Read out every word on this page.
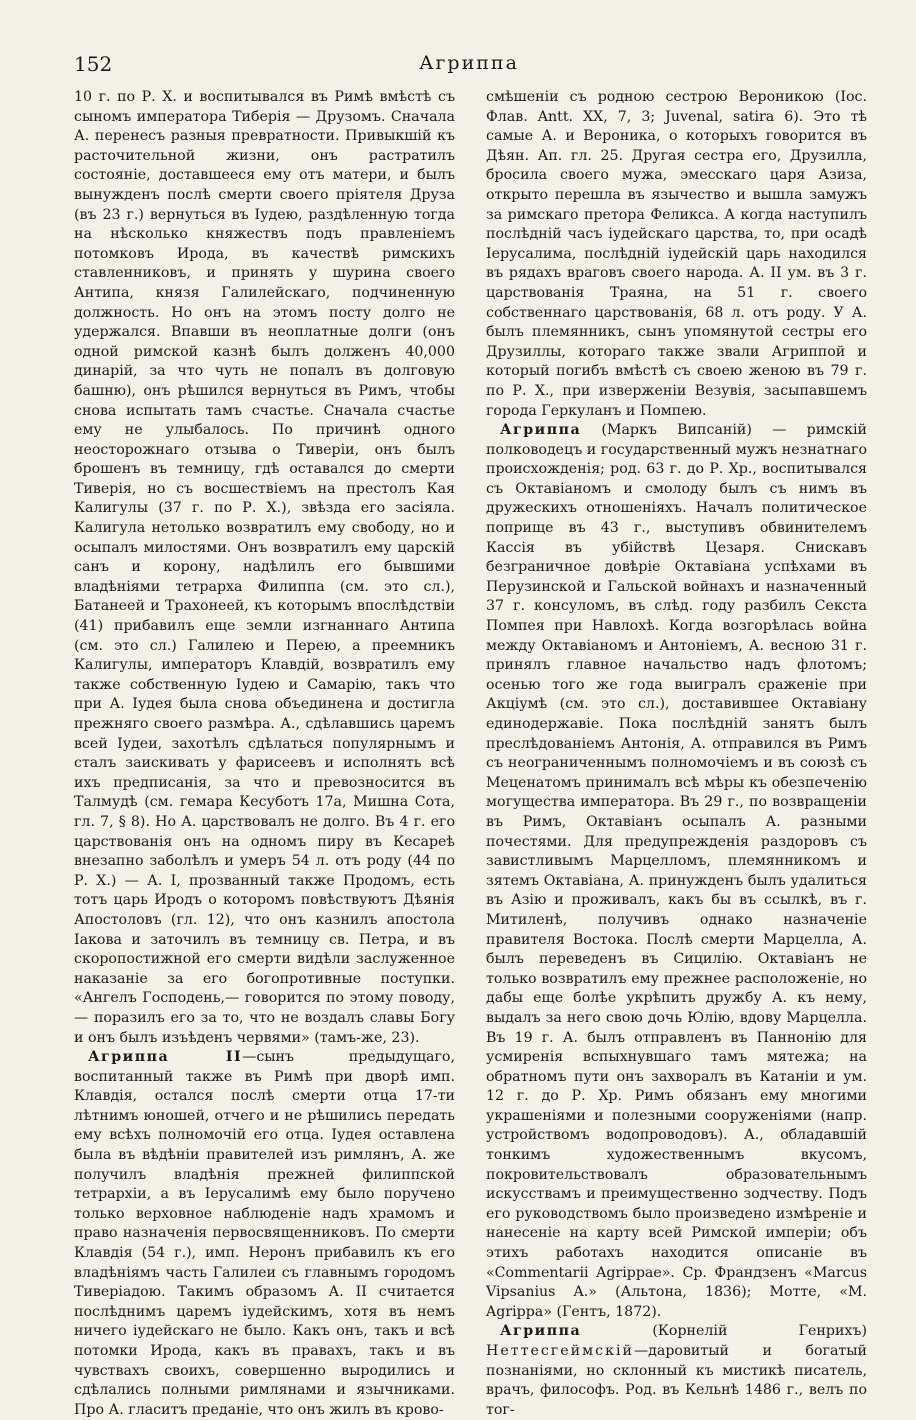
152	Агриппа

10 г. по Р. Х. и воспитывался въ Римѣ вмѣстѣ съ сыномъ императора Тиберія — Друзомъ. Сначала А. перенесъ разныя превратности. Привыкшій къ расточительной жизни, онъ растратилъ состояніе, доставшееся ему отъ матери, и былъ вынужденъ послѣ смерти своего пріятеля Друза (въ 23 г.) вернуться въ Іудею, раздѣленную тогда на нѣсколько княжествъ подъ правленіемъ потомковъ Ирода, въ качествѣ римскихъ ставленниковъ, и принять у шурина своего Антипа, князя Галилейскаго, подчиненную должность. Но онъ на этомъ посту долго не удержался. Впавши въ неоплатные долги (онъ одной римской казнѣ былъ долженъ 40,000 динарій, за что чуть не попалъ въ долговую башню), онъ рѣшился вернуться въ Римъ, чтобы снова испытать тамъ счастье. Сначала счастье ему не улыбалось. По причинѣ одного неосторожнаго отзыва о Тиверіи, онъ былъ брошенъ въ темницу, гдѣ оставался до смерти Тиверія, но съ восшествіемъ на престолъ Кая Калигулы (37 г. по Р. Х.), звѣзда его засіяла. Калигула нетолько возвратилъ ему свободу, но и осыпалъ милостями. Онъ возвратилъ ему царскій санъ и корону, надѣлилъ его бывшими владѣніями тетрарха Филиппа (см. это сл.), Батанеей и Трахонеей, къ которымъ впослѣдствіи (41) прибавилъ еще земли изгнаннаго Антипа (см. это сл.) Галилею и Перею, а преемникъ Калигулы, императоръ Клавдій, возвратилъ ему также собственную Іудею и Самарію, такъ что при А. Іудея была снова объединена и достигла прежняго своего размѣра. А., сдѣлавшись царемъ всей Іудеи, захотѣлъ сдѣлаться популярнымъ и сталъ заискивать у фарисеевъ и исполнять всѣ ихъ предписанія, за что и превозносится въ Талмудѣ (см. гемара Кесуботъ 17а, Мишна Сота, гл. 7, § 8). Но А. царствовалъ не долго. Въ 4 г. его царствованія онъ на одномъ пиру въ Кесареѣ внезапно заболѣлъ и умеръ 54 л. отъ роду (44 по Р. Х.) — А. I, прозванный также Продомъ, есть тотъ царь Иродъ о которомъ повѣствуютъ Дѣянія Апостоловъ (гл. 12), что онъ казнилъ апостола Іакова и заточилъ въ темницу св. Петра, и въ скоропостижной его смерти видѣли заслуженное наказаніе за его богопротивные поступки. «Ангелъ Господень,— говорится по этому поводу, — поразилъ его за то, что не воздалъ славы Богу и онъ былъ изъѣденъ червями» (тамъ-же, 23).

Агриппа II—сынъ предыдущаго, воспитанный также въ Римѣ при дворѣ имп. Клавдія, остался послѣ смерти отца 17-ти лѣтнимъ юношей, отчего и не рѣшились передать ему всѣхъ полномочій его отца. Іудея оставлена была въ вѣдѣніи правителей изъ римлянъ, А. же получилъ владѣнія прежней филиппской тетрархіи, а въ Іерусалимѣ ему было поручено только верховное наблюденіе надъ храмомъ и право назначенія первосвященниковъ. По смерти Клавдія (54 г.), имп. Неронъ прибавилъ къ его владѣніямъ часть Галилеи съ главнымъ городомъ Тиверіадою. Такимъ образомъ А. II считается послѣднимъ царемъ іудейскимъ, хотя въ немъ ничего іудейскаго не было. Какъ онъ, такъ и всѣ потомки Ирода, какъ въ правахъ, такъ и въ чувствахъ своихъ, совершенно выродились и сдѣлались полными римлянами и язычниками. Про А. гласитъ преданіе, что онъ жилъ въ крово-

смѣшеніи съ родною сестрою Вероникою (Іос. Флав. Antt. XX, 7, 3; Juvenal, satira 6). Это тѣ самые А. и Вероника, о которыхъ говорится въ Дѣян. Ап. гл. 25. Другая сестра его, Друзилла, бросила своего мужа, эмесскаго царя Азиза, открыто перешла въ язычество и вышла замужъ за римскаго претора Феликса. А когда наступилъ послѣдній часъ іудейскаго царства, то, при осадѣ Іерусалима, послѣдній іудейскій царь находился въ рядахъ враговъ своего народа. А. II ум. въ 3 г. царствованія Траяна, на 51 г. своего собственнаго царствованія, 68 л. отъ роду. У А. былъ племянникъ, сынъ упомянутой сестры его Друзиллы, котораго также звали Агриппой и который погибъ вмѣстѣ съ своею женою въ 79 г. по Р. Х., при изверженіи Везувія, засыпавшемъ города Геркуланъ и Помпею.

Агриппа (Маркъ Випсаній) — римскій полководецъ и государственный мужъ незнатнаго происхожденія; род. 63 г. до Р. Хр., воспитывался съ Октавіаномъ и смолоду былъ съ нимъ въ дружескихъ отношеніяхъ. Началъ политическое поприще въ 43 г., выступивъ обвинителемъ Кассія въ убійствѣ Цезаря. Снискавъ безграничное довѣріе Октавіана успѣхами въ Перузинской и Гальской войнахъ и назначенный 37 г. консуломъ, въ слѣд. году разбилъ Секста Помпея при Навлохѣ. Когда возгорѣлась война между Октавіаномъ и Антоніемъ, А. весною 31 г. принялъ главное начальство надъ флотомъ; осенью того же года выигралъ сраженіе при Акціумѣ (см. это сл.), доставившее Октавіану единодержавіе. Пока послѣдній занятъ былъ преслѣдованіемъ Антонія, А. отправился въ Римъ съ неограниченнымъ полномочіемъ и въ союзѣ съ Меценатомъ принималъ всѣ мѣры къ обезпеченію могущества императора. Въ 29 г., по возвращеніи въ Римъ, Октавіанъ осыпалъ А. разными почестями. Для предупрежденія раздоровъ съ завистливымъ Марцелломъ, племянникомъ и зятемъ Октавіана, А. принужденъ былъ удалиться въ Азію и проживалъ, какъ бы въ ссылкѣ, въ г. Митиленѣ, получивъ однако назначеніе правителя Востока. Послѣ смерти Марцелла, А. былъ переведенъ въ Сицилію. Октавіанъ не только возвратилъ ему прежнее расположеніе, но дабы еще болѣе укрѣпить дружбу А. къ нему, выдалъ за него свою дочь Юлію, вдову Марцелла. Въ 19 г. А. былъ отправленъ въ Паннонію для усмиренія вспыхнувшаго тамъ мятежа; на обратномъ пути онъ захворалъ въ Катаніи и ум. 12 г. до Р. Хр. Римъ обязанъ ему многими украшеніями и полезными сооруженіями (напр. устройствомъ водопроводовъ). А., обладавшій тонкимъ художественнымъ вкусомъ, покровительствовалъ образовательнымъ искусствамъ и преимущественно зодчеству. Подъ его руководствомъ было произведено измѣреніе и нанесеніе на карту всей Римской имперіи; объ этихъ работахъ находится описаніе въ «Commentarii Agrippae». Ср. Франдзенъ «Marcus Vipsanius A.» (Альтона, 1836); Мотте, «M. Agrippa» (Гентъ, 1872).

Агриппа (Корнелій Генрихъ) Неттесгеймскій—даровитый и богатый познаніями, но склонный къ мистикѣ писатель, врачъ, философъ. Род. въ Кельнѣ 1486 г., велъ по тог-
